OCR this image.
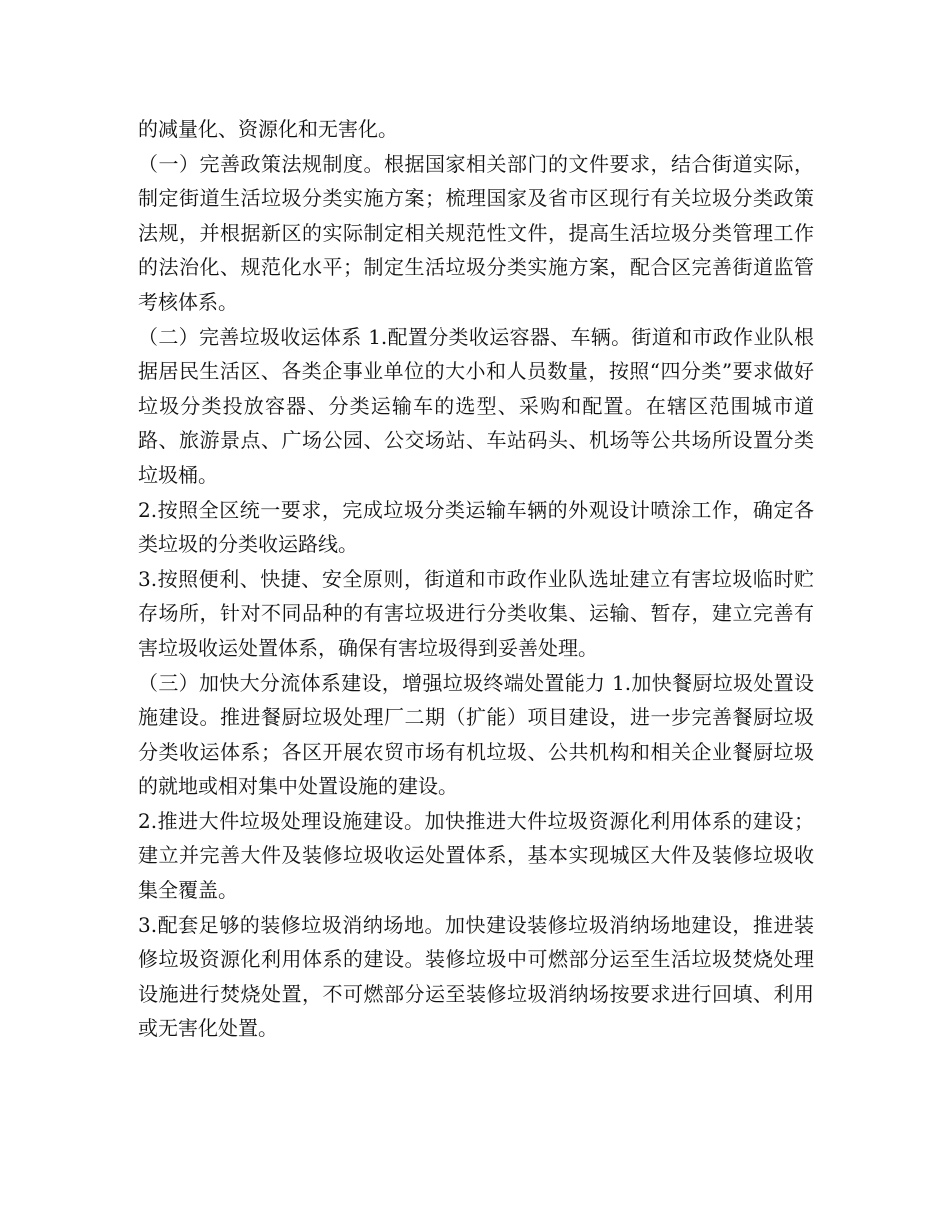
的减量化、资源化和无害化。

（一）完善政策法规制度。根据国家相关部门的文件要求，结合街道实际，制定街道生活垃圾分类实施方案；梳理国家及省市区现行有关垃圾分类政策法规，并根据新区的实际制定相关规范性文件，提高生活垃圾分类管理工作的法治化、规范化水平；制定生活垃圾分类实施方案，配合区完善街道监管考核体系。

（二）完善垃圾收运体系 1.配置分类收运容器、车辆。街道和市政作业队根据居民生活区、各类企事业单位的大小和人员数量，按照“四分类”要求做好垃圾分类投放容器、分类运输车的选型、采购和配置。在辖区范围城市道路、旅游景点、广场公园、公交场站、车站码头、机场等公共场所设置分类垃圾桶。

2.按照全区统一要求，完成垃圾分类运输车辆的外观设计喷涂工作，确定各类垃圾的分类收运路线。

3.按照便利、快捷、安全原则，街道和市政作业队选址建立有害垃圾临时贮存场所，针对不同品种的有害垃圾进行分类收集、运输、暂存，建立完善有害垃圾收运处置体系，确保有害垃圾得到妥善处理。

（三）加快大分流体系建设，增强垃圾终端处置能力 1.加快餐厨垃圾处置设施建设。推进餐厨垃圾处理厂二期（扩能）项目建设，进一步完善餐厨垃圾分类收运体系；各区开展农贸市场有机垃圾、公共机构和相关企业餐厨垃圾的就地或相对集中处置设施的建设。

2.推进大件垃圾处理设施建设。加快推进大件垃圾资源化利用体系的建设；建立并完善大件及装修垃圾收运处置体系，基本实现城区大件及装修垃圾收集全覆盖。

3.配套足够的装修垃圾消纳场地。加快建设装修垃圾消纳场地建设，推进装修垃圾资源化利用体系的建设。装修垃圾中可燃部分运至生活垃圾焚烧处理设施进行焚烧处置，不可燃部分运至装修垃圾消纳场按要求进行回填、利用或无害化处置。
